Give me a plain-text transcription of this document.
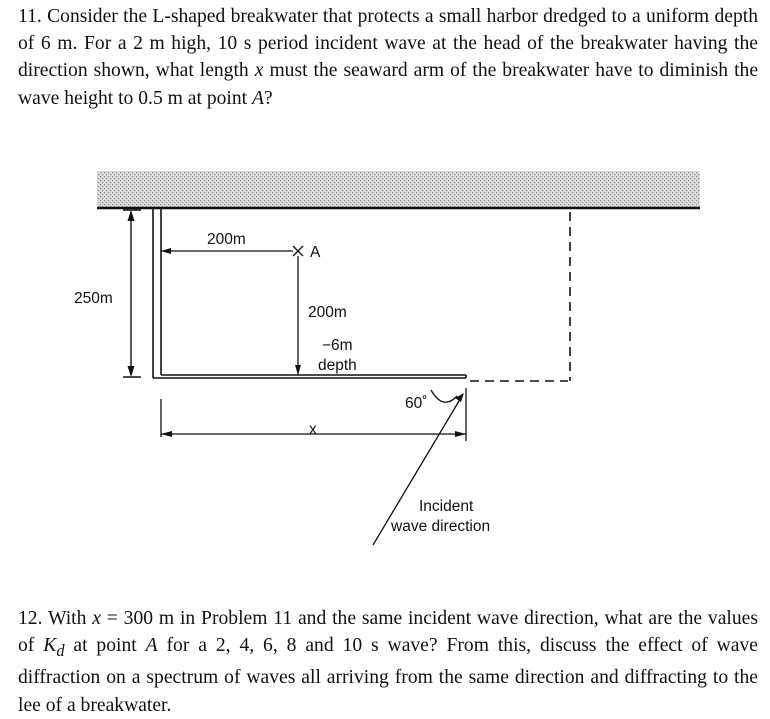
11. Consider the L-shaped breakwater that protects a small harbor dredged to a uniform depth of 6 m. For a 2 m high, 10 s period incident wave at the head of the breakwater having the direction shown, what length x must the seaward arm of the breakwater have to diminish the wave height to 0.5 m at point A?

200m
A
250m
200m
−6m
depth
60˚
x
Incident
wave direction

12. With x = 300 m in Problem 11 and the same incident wave direction, what are the values of $K_d$ at point A for a 2, 4, 6, 8 and 10 s wave? From this, discuss the effect of wave diffraction on a spectrum of waves all arriving from the same direction and diffracting to the lee of a breakwater.
